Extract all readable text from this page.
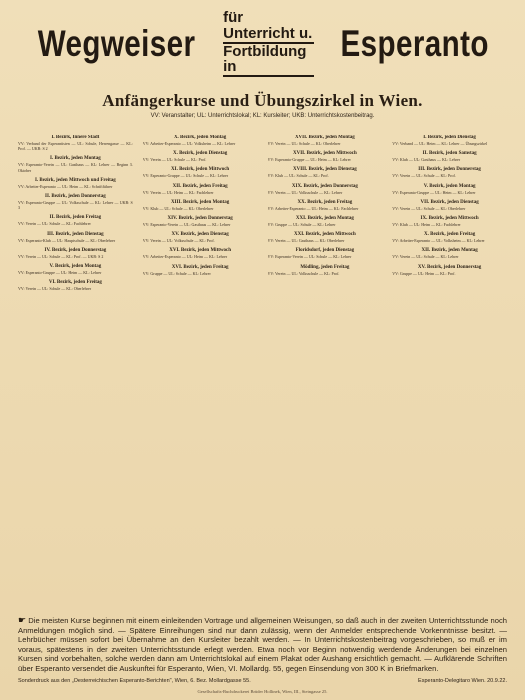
Wegweiser
für Unterricht u.
Fortbildung in
Esperanto
Anfängerkurse und Übungszirkel in Wien.
VV: Veranstalter; UL: Unterrichtslokal; KL: Kursleiter; UKB: Unterrichtskostenbeitrag.
I. Bezirk, Innere Stadt
VV: Verband der Esperantisten — UL: Schule, Herrengasse — KL: Prof. — UKB: S 2
I. Bezirk, jeden Montag
VV: Esperanto-Verein — UL: Gasthaus — KL: Lehrer — Beginn 3. Oktober
I. Bezirk, jeden Mittwoch und Freitag
VV: Arbeiter-Esperanto — UL: Heim — KL: Schriftführer
II. Bezirk, jeden Donnerstag
VV: Esperanto-Gruppe — UL: Volksschule — KL: Lehrer — UKB: S 3
II. Bezirk, jeden Freitag
VV: Verein — UL: Schule — KL: Fachlehrer
III. Bezirk, jeden Dienstag
VV: Esperanto-Klub — UL: Hauptschule — KL: Oberlehrer
IV. Bezirk, jeden Donnerstag
VV: Verein — UL: Schule — KL: Prof. — UKB: S 2
V. Bezirk, jeden Montag
VV: Esperanto-Gruppe — UL: Heim — KL: Lehrer
VI. Bezirk, jeden Freitag
VV: Verein — UL: Schule — KL: Oberlehrer
X. Bezirk, jeden Montag
VV: Arbeiter-Esperanto — UL: Volksheim — KL: Lehrer
X. Bezirk, jeden Dienstag
VV: Verein — UL: Schule — KL: Prof.
XI. Bezirk, jeden Mittwoch
VV: Esperanto-Gruppe — UL: Schule — KL: Lehrer
XII. Bezirk, jeden Freitag
VV: Verein — UL: Heim — KL: Fachlehrer
XIII. Bezirk, jeden Montag
VV: Klub — UL: Schule — KL: Oberlehrer
XIV. Bezirk, jeden Donnerstag
VV: Esperanto-Verein — UL: Gasthaus — KL: Lehrer
XV. Bezirk, jeden Dienstag
VV: Verein — UL: Volksschule — KL: Prof.
XVI. Bezirk, jeden Mittwoch
VV: Arbeiter-Esperanto — UL: Heim — KL: Lehrer
XVI. Bezirk, jeden Freitag
VV: Gruppe — UL: Schule — KL: Lehrer
XVII. Bezirk, jeden Montag
VV: Verein — UL: Schule — KL: Oberlehrer
XVII. Bezirk, jeden Mittwoch
VV: Esperanto-Gruppe — UL: Heim — KL: Lehrer
XVIII. Bezirk, jeden Dienstag
VV: Klub — UL: Schule — KL: Prof.
XIX. Bezirk, jeden Donnerstag
VV: Verein — UL: Volksschule — KL: Lehrer
XX. Bezirk, jeden Freitag
VV: Arbeiter-Esperanto — UL: Heim — KL: Fachlehrer
XXI. Bezirk, jeden Montag
VV: Gruppe — UL: Schule — KL: Lehrer
XXI. Bezirk, jeden Mittwoch
VV: Verein — UL: Gasthaus — KL: Oberlehrer
Floridsdorf, jeden Dienstag
VV: Esperanto-Verein — UL: Schule — KL: Lehrer
Mödling, jeden Freitag
VV: Verein — UL: Volksschule — KL: Prof.
I. Bezirk, jeden Dienstag
VV: Verband — UL: Heim — KL: Lehrer — Übungszirkel
II. Bezirk, jeden Samstag
VV: Klub — UL: Gasthaus — KL: Lehrer
III. Bezirk, jeden Donnerstag
VV: Verein — UL: Schule — KL: Prof.
V. Bezirk, jeden Montag
VV: Esperanto-Gruppe — UL: Heim — KL: Lehrer
VII. Bezirk, jeden Dienstag
VV: Verein — UL: Schule — KL: Oberlehrer
IX. Bezirk, jeden Mittwoch
VV: Klub — UL: Heim — KL: Fachlehrer
X. Bezirk, jeden Freitag
VV: Arbeiter-Esperanto — UL: Volksheim — KL: Lehrer
XII. Bezirk, jeden Montag
VV: Verein — UL: Schule — KL: Lehrer
XV. Bezirk, jeden Donnerstag
VV: Gruppe — UL: Heim — KL: Prof.
☛ Die meisten Kurse beginnen mit einem einleitenden Vortrage und allgemeinen Weisungen, so daß auch in der zweiten Unterrichtsstunde noch Anmeldungen möglich sind. — Spätere Einreihungen sind nur dann zulässig, wenn der Anmelder entsprechende Vorkenntnisse besitzt. — Lehrbücher müssen sofort bei Übernahme an den Kursleiter bezahlt werden. — In Unterrichtskostenbeitrag vorgeschrieben, so muß er im voraus, spätestens in der zweiten Unterrichtsstunde erlegt werden. Etwa noch vor Beginn notwendig werdende Änderungen bei einzelnen Kursen sind vorbehalten, solche werden dann am Unterrichtslokal auf einem Plakat oder Aushang ersichtlich gemacht. — Aufklärende Schriften über Esperanto versendet die Auskunftei für Esperanto, Wien, VI. Mollardg. 55, gegen Einsendung von 300 K in Briefmarken.
Sonderdruck aus den „Oesterreichischen Esperanto-Berichten", Wien, 6. Bez. Mollardgasse 55.	Esperanto-Delegitaro Wien. 20.9.22.
Gesellschafts-Buchdruckerei Brüder Hollinek, Wien, III., Steingasse 25.
